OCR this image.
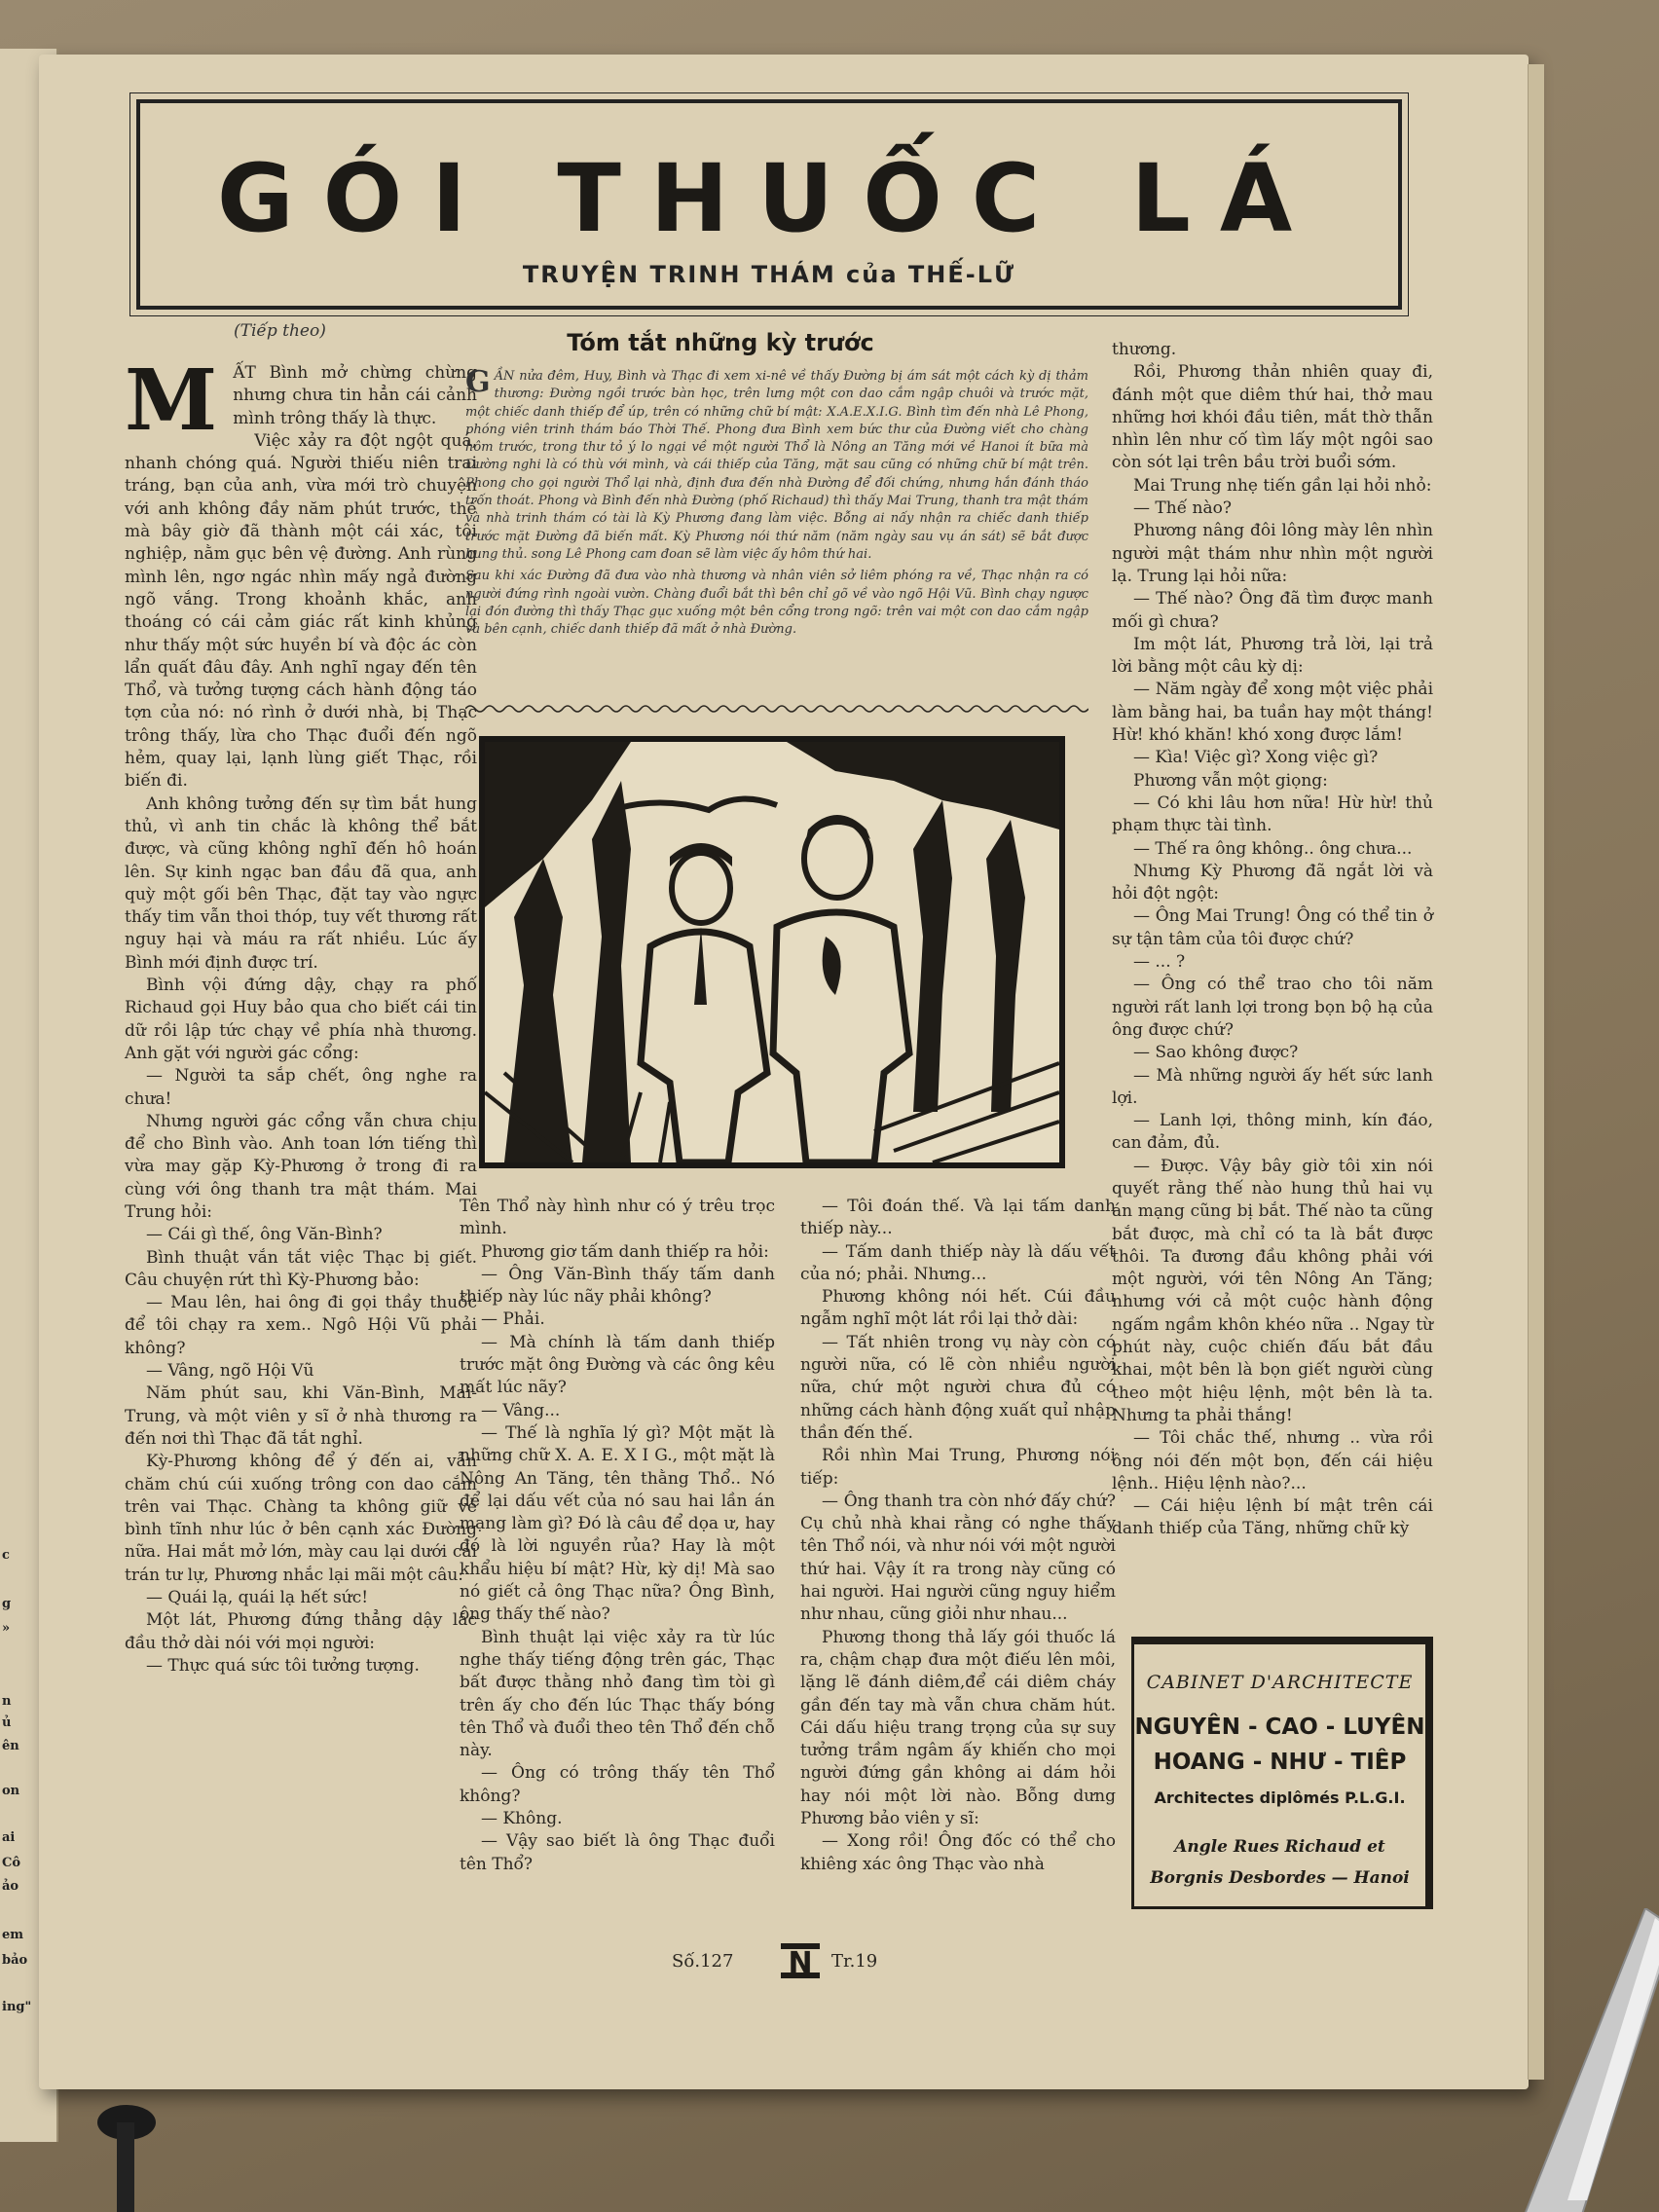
c
g
»
n
ủ
ên
on
ai
Cô
ảo
em
bảo
ing"
GÓI THUỐC LÁ
TRUYỆN TRINH THÁM của THẾ-LỮ
(Tiếp theo)
M ẤT Bình mở chừng chừng nhưng chưa tin hẳn cái cảnh mình trông thấy là thực.

Việc xảy ra đột ngột quá, nhanh chóng quá. Người thiếu niên trai tráng, bạn của anh, vừa mới trò chuyện với anh không đầy năm phút trước, thế mà bây giờ đã thành một cái xác, tội nghiệp, nằm gục bên vệ đường. Anh rùng mình lên, ngơ ngác nhìn mấy ngả đường ngõ vắng. Trong khoảnh khắc, anh thoáng có cái cảm giác rất kinh khủng như thấy một sức huyền bí và độc ác còn lẩn quất đâu đây. Anh nghĩ ngay đến tên Thổ, và tưởng tượng cách hành động táo tợn của nó: nó rình ở dưới nhà, bị Thạc trông thấy, lừa cho Thạc đuổi đến ngõ hẻm, quay lại, lạnh lùng giết Thạc, rồi biến đi.

Anh không tưởng đến sự tìm bắt hung thủ, vì anh tin chắc là không thể bắt được, và cũng không nghĩ đến hô hoán lên. Sự kinh ngạc ban đầu đã qua, anh quỳ một gối bên Thạc, đặt tay vào ngực thấy tim vẫn thoi thóp, tuy vết thương rất nguy hại và máu ra rất nhiều. Lúc ấy Bình mới định được trí.

Bình vội đứng dậy, chạy ra phố Richaud gọi Huy bảo qua cho biết cái tin dữ rồi lập tức chạy về phía nhà thương. Anh gặt với người gác cổng:

— Người ta sắp chết, ông nghe ra chưa!

Nhưng người gác cổng vẫn chưa chịu để cho Bình vào. Anh toan lớn tiếng thì vừa may gặp Kỳ-Phương ở trong đi ra cùng với ông thanh tra mật thám. Mai Trung hỏi:

— Cái gì thế, ông Văn-Bình?

Bình thuật vắn tắt việc Thạc bị giết. Câu chuyện rứt thì Kỳ-Phương bảo:

— Mau lên, hai ông đi gọi thầy thuốc để tôi chạy ra xem.. Ngô Hội Vũ phải không?

— Vâng, ngõ Hội Vũ

Năm phút sau, khi Văn-Bình, Mai-Trung, và một viên y sĩ ở nhà thương ra đến nơi thì Thạc đã tắt nghỉ.

Kỳ-Phương không để ý đến ai, vẫn chăm chú cúi xuống trông con dao cắm trên vai Thạc. Chàng ta không giữ vẻ bình tĩnh như lúc ở bên cạnh xác Đường nữa. Hai mắt mở lớn, mày cau lại dưới cái trán tư lự, Phương nhắc lại mãi một câu:

— Quái lạ, quái lạ hết sức!

Một lát, Phương đứng thẳng dậy lắc đầu thở dài nói với mọi người:

— Thực quá sức tôi tưởng tượng.

Tóm tắt những kỳ trước

GẦN nửa đêm, Huy, Bình và Thạc đi xem xi-nê về thấy Đường bị ám sát một cách kỳ dị thảm thương: Đường ngồi trước bàn học, trên lưng một con dao cắm ngập chuôi và trước mặt, một chiếc danh thiếp để úp, trên có những chữ bí mật: X.A.E.X.I.G. Bình tìm đến nhà Lê Phong, phóng viên trinh thám báo Thời Thế. Phong đưa Bình xem bức thư của Đường viết cho chàng hôm trước, trong thư tỏ ý lo ngại về một người Thổ là Nông an Tăng mới về Hanoi ít bữa mà Đường nghi là có thù với mình, và cái thiếp của Tăng, mặt sau cũng có những chữ bí mật trên. Phong cho gọi người Thổ lại nhà, định đưa đến nhà Đường để đối chứng, nhưng hắn đánh tháo trốn thoát. Phong và Bình đến nhà Đường (phố Richaud) thì thấy Mai Trung, thanh tra mật thám và nhà trinh thám có tài là Kỳ Phương đang làm việc. Bỗng ai nấy nhận ra chiếc danh thiếp trước mặt Đường đã biến mất. Kỳ Phương nói thứ năm (năm ngày sau vụ án sát) sẽ bắt được hung thủ. song Lê Phong cam đoan sẽ làm việc ấy hôm thứ hai.

Sau khi xác Đường đã đưa vào nhà thương và nhân viên sở liêm phóng ra về, Thạc nhận ra có người đứng rình ngoài vườn. Chàng đuổi bắt thì bên chỉ gõ về vào ngõ Hội Vũ. Bình chạy ngược lại đón đường thì thấy Thạc gục xuống một bên cổng trong ngõ: trên vai một con dao cắm ngập và bên cạnh, chiếc danh thiếp đã mất ở nhà Đường.

Tên Thổ này hình như có ý trêu trọc mình.

Phương giơ tấm danh thiếp ra hỏi:

— Ông Văn-Bình thấy tấm danh thiếp này lúc nãy phải không?

— Phải.

— Mà chính là tấm danh thiếp trước mặt ông Đường và các ông kêu mất lúc nãy?

— Vâng...

— Thế là nghĩa lý gì? Một mặt là những chữ X. A. E. X I G., một mặt là Nông An Tăng, tên thằng Thổ.. Nó để lại dấu vết của nó sau hai lần án mạng làm gì? Đó là câu để dọa ư, hay đó là lời nguyền rủa? Hay là một khẩu hiệu bí mật? Hừ, kỳ dị! Mà sao nó giết cả ông Thạc nữa? Ông Bình, ông thấy thế nào?

Bình thuật lại việc xảy ra từ lúc nghe thấy tiếng động trên gác, Thạc bất được thằng nhỏ đang tìm tòi gì trên ấy cho đến lúc Thạc thấy bóng tên Thổ và đuổi theo tên Thổ đến chỗ này.

— Ông có trông thấy tên Thổ không?

— Không.

— Vậy sao biết là ông Thạc đuổi tên Thổ?

— Tôi đoán thế. Và lại tấm danh thiếp này...

— Tấm danh thiếp này là dấu vết của nó; phải. Nhưng...

Phương không nói hết. Cúi đầu ngẫm nghĩ một lát rồi lại thở dài:

— Tất nhiên trong vụ này còn có người nữa, có lẽ còn nhiều người nữa, chứ một người chưa đủ có những cách hành động xuất quỉ nhập thần đến thế.

Rồi nhìn Mai Trung, Phương nói tiếp:

— Ông thanh tra còn nhớ đấy chứ? Cụ chủ nhà khai rằng có nghe thấy tên Thổ nói, và như nói với một người thứ hai. Vậy ít ra trong này cũng có hai người. Hai người cũng nguy hiểm như nhau, cũng giỏi như nhau...

Phương thong thả lấy gói thuốc lá ra, chậm chạp đưa một điếu lên môi, lặng lẽ đánh diêm,để cái diêm cháy gần đến tay mà vẫn chưa chăm hút. Cái dấu hiệu trang trọng của sự suy tưởng trầm ngâm ấy khiến cho mọi người đứng gần không ai dám hỏi hay nói một lời nào. Bỗng dưng Phương bảo viên y sĩ:

— Xong rồi! Ông đốc có thể cho khiêng xác ông Thạc vào nhà

thương.

Rồi, Phương thản nhiên quay đi, đánh một que diêm thứ hai, thở mau những hơi khói đầu tiên, mắt thờ thẫn nhìn lên như cố tìm lấy một ngôi sao còn sót lại trên bầu trời buổi sớm.

Mai Trung nhẹ tiến gần lại hỏi nhỏ:

— Thế nào?

Phương nâng đôi lông mày lên nhìn người mật thám như nhìn một người lạ. Trung lại hỏi nữa:

— Thế nào? Ông đã tìm được manh mối gì chưa?

Im một lát, Phương trả lời, lại trả lời bằng một câu kỳ dị:

— Năm ngày để xong một việc phải làm bằng hai, ba tuần hay một tháng! Hừ! khó khăn! khó xong được lắm!

— Kìa! Việc gì? Xong việc gì?

Phương vẫn một giọng:

— Có khi lâu hơn nữa! Hừ hừ! thủ phạm thực tài tình.

— Thế ra ông không.. ông chưa...

Nhưng Kỳ Phương đã ngắt lời và hỏi đột ngột:

— Ông Mai Trung! Ông có thể tin ở sự tận tâm của tôi được chứ?

— ... ?

— Ông có thể trao cho tôi năm người rất lanh lợi trong bọn bộ hạ của ông được chứ?

— Sao không được?

— Mà những người ấy hết sức lanh lợi.

— Lanh lợi, thông minh, kín đáo, can đảm, đủ.

— Được. Vậy bây giờ tôi xin nói quyết rằng thế nào hung thủ hai vụ án mạng cũng bị bắt. Thế nào ta cũng bắt được, mà chỉ có ta là bắt được thôi. Ta đương đầu không phải với một người, với tên Nông An Tăng; nhưng với cả một cuộc hành động ngấm ngầm khôn khéo nữa .. Ngay từ phút này, cuộc chiến đấu bắt đầu khai, một bên là bọn giết người cùng theo một hiệu lệnh, một bên là ta. Nhưng ta phải thắng!

— Tôi chắc thế, nhưng .. vừa rồi ông nói đến một bọn, đến cái hiệu lệnh.. Hiệu lệnh nào?...

— Cái hiệu lệnh bí mật trên cái danh thiếp của Tăng, những chữ kỳ

CABINET D'ARCHITECTE
NGUYÊN - CAO - LUYÊN
HOANG - NHƯ - TIÊP
Architectes diplômés P.L.G.I.
Angle Rues Richaud et
Borgnis Desbordes — Hanoi
Số.127 N Tr.19
